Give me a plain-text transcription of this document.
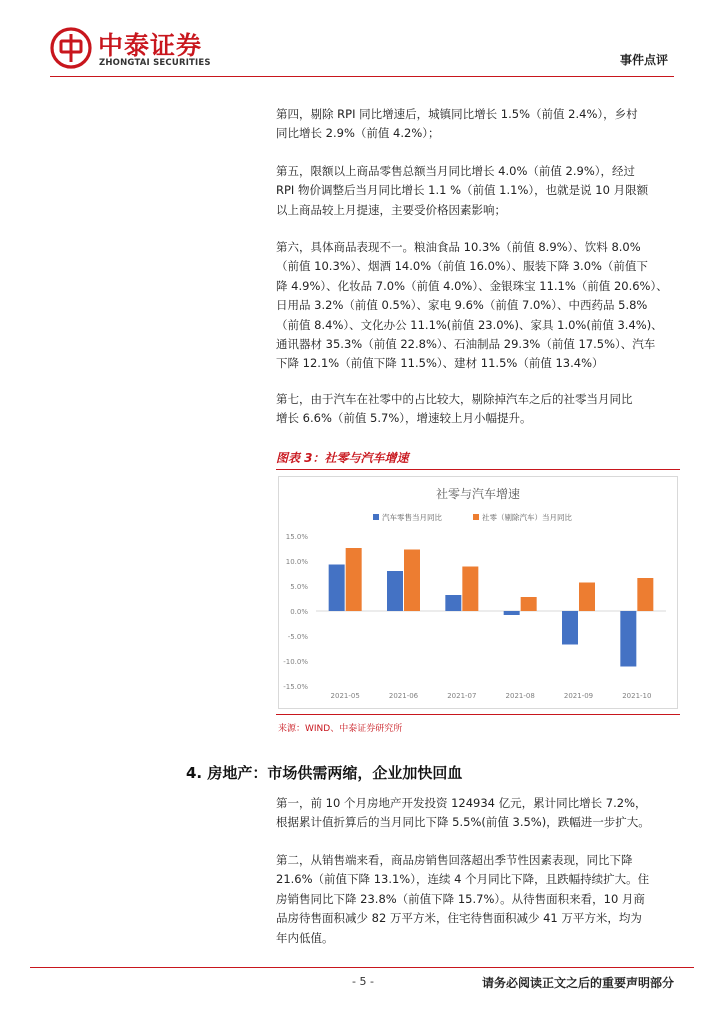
中泰证券
ZHONGTAI SECURITIES	事件点评
第四，剔除 RPI 同比增速后，城镇同比增长 1.5%（前值 2.4%），乡村
同比增长 2.9%（前值 4.2%）；
第五，限额以上商品零售总额当月同比增长 4.0%（前值 2.9%），经过
RPI 物价调整后当月同比增长 1.1 %（前值 1.1%），也就是说 10 月限额
以上商品较上月提速，主要受价格因素影响；
第六，具体商品表现不一。粮油食品 10.3%（前值 8.9%）、饮料 8.0%
（前值 10.3%）、烟酒 14.0%（前值 16.0%）、服装下降 3.0%（前值下
降 4.9%）、化妆品 7.0%（前值 4.0%）、金银珠宝 11.1%（前值 20.6%）、
日用品 3.2%（前值 0.5%）、家电 9.6%（前值 7.0%）、中西药品 5.8%
（前值 8.4%）、文化办公 11.1%(前值 23.0%)、家具 1.0%(前值 3.4%)、
通讯器材 35.3%（前值 22.8%）、石油制品 29.3%（前值 17.5%）、汽车
下降 12.1%（前值下降 11.5%）、建材 11.5%（前值 13.4%）
第七，由于汽车在社零中的占比较大，剔除掉汽车之后的社零当月同比
增长 6.6%（前值 5.7%），增速较上月小幅提升。
图表 3：社零与汽车增速
社零与汽车增速
汽车零售当月同比	社零（剔除汽车）当月同比
15.0%
10.0%
5.0%
0.0%
-5.0%
-10.0%
-15.0%
2021-05	2021-06	2021-07	2021-08	2021-09	2021-10
来源：WIND、中泰证券研究所
4. 房地产：市场供需两缩，企业加快回血
第一，前 10 个月房地产开发投资 124934 亿元，累计同比增长 7.2%，
根据累计值折算后的当月同比下降 5.5%(前值 3.5%)，跌幅进一步扩大。
第二，从销售端来看，商品房销售回落超出季节性因素表现，同比下降
21.6%（前值下降 13.1%），连续 4 个月同比下降，且跌幅持续扩大。住
房销售同比下降 23.8%（前值下降 15.7%）。从待售面积来看，10 月商
品房待售面积减少 82 万平方米，住宅待售面积减少 41 万平方米，均为
年内低值。
- 5 -	请务必阅读正文之后的重要声明部分
